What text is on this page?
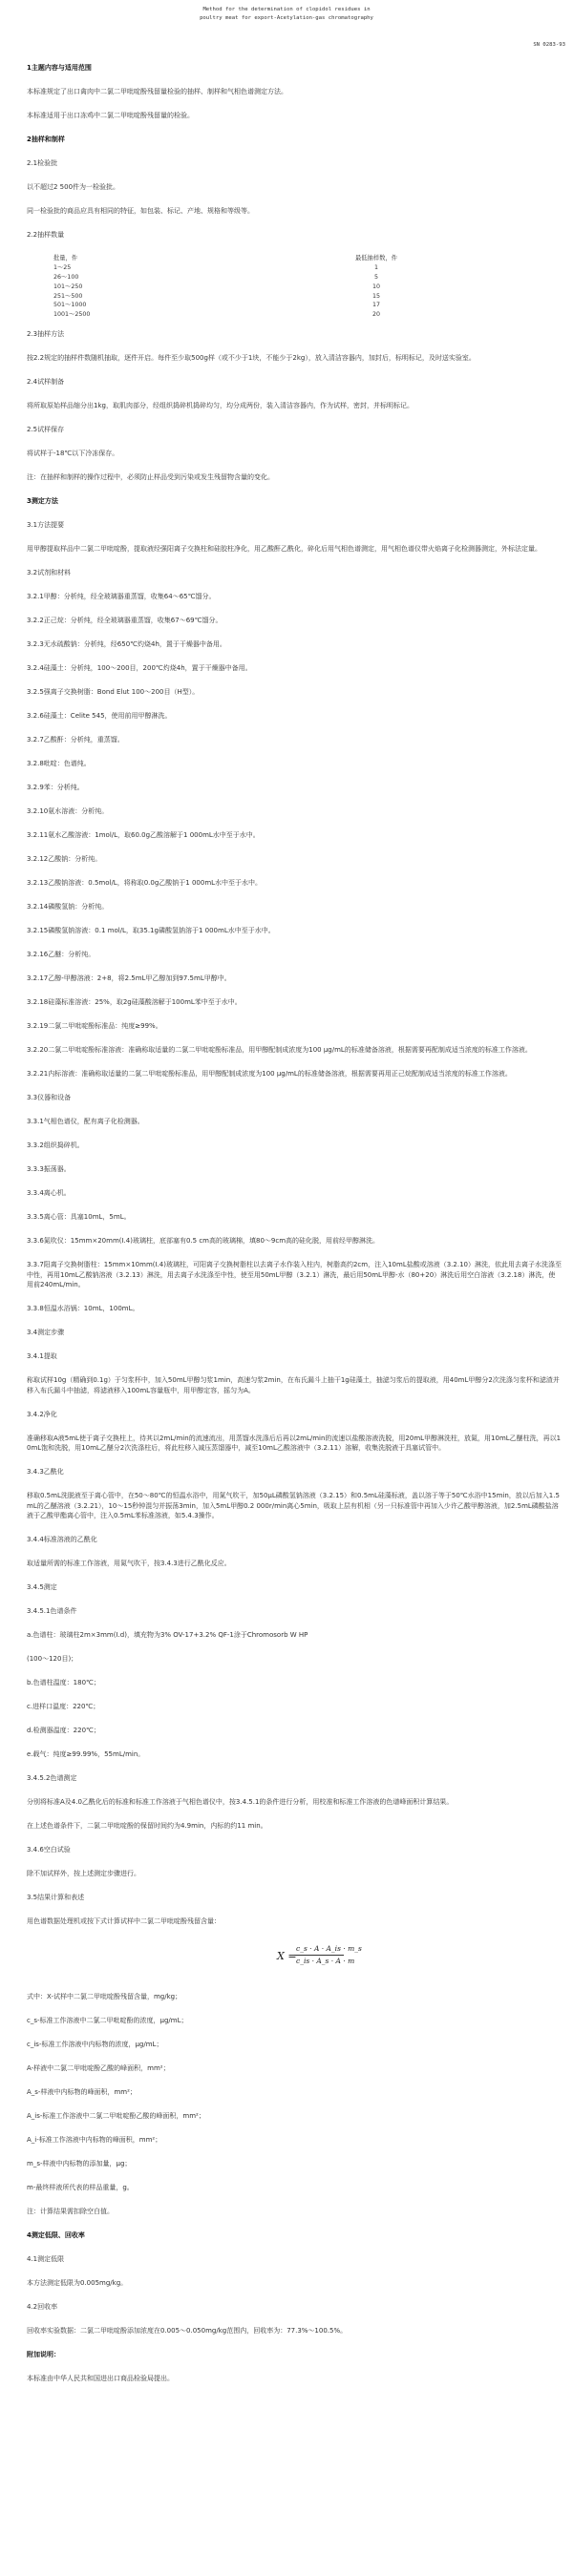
Method for the determination of clopidol residues in
poultry meat for export-Acetylation-gas chromatography
SN 0283-93
1主题内容与适用范围
本标准规定了出口禽肉中二氯二甲吡啶酚残留量检验的抽样、制样和气相色谱测定方法。
本标准适用于出口冻鸡中二氯二甲吡啶酚残留量的检验。
2抽样和制样
2.1检验批
以不超过2 500件为一检验批。
同一检验批的商品应具有相同的特征，如包装、标记、产地、规格和等级等。
2.2抽样数量
批量，件	最低抽样数，件
1～25	1
26～100	5
101～250	10
251～500	15
501～1000	17
1001～2500	20
2.3抽样方法
按2.2规定的抽样件数随机抽取，逐件开启。每件至少取500g样（或不少于1块，不能少于2kg），放入清洁容器内，加封后，标明标记，及时送实验室。
2.4试样制备
将所取原始样品缩分出1kg，取肌肉部分，经组织捣碎机捣碎均匀，均分成两份，装入清洁容器内，作为试样，密封，并标明标记。
2.5试样保存
将试样于-18℃以下冷冻保存。
注：在抽样和制样的操作过程中，必须防止样品受到污染或发生残留物含量的变化。
3测定方法
3.1方法提要
用甲醇提取样品中二氯二甲吡啶酚，提取液经强阳离子交换柱和硅胶柱净化，用乙酸酐乙酰化，碎化后用气相色谱测定，用气相色谱仪带火焰离子化检测器测定，外标法定量。
3.2试剂和材料
3.2.1甲醇：分析纯，经全玻璃器重蒸馏，收集64～65℃馏分。
3.2.2正己烷：分析纯，经全玻璃器重蒸馏，收集67～69℃馏分。
3.2.3无水硫酸钠：分析纯，经650℃灼烧4h，置于干燥器中备用。
3.2.4硅藻土：分析纯，100～200目，200℃灼烧4h，置于干燥器中备用。
3.2.5强离子交换树脂：Bond Elut 100～200目（H型）。
3.2.6硅藻土：Celite 545，使用前用甲醇淋洗。
3.2.7乙酸酐：分析纯，重蒸馏。
3.2.8吡啶：色谱纯。
3.2.9苯：分析纯。
3.2.10氨水溶液：分析纯。
3.2.11氨水乙酸溶液：1mol/L，取60.0g乙酸溶解于1 000mL水中至于水中。
3.2.12乙酸钠：分析纯。
3.2.13乙酸钠溶液：0.5mol/L，将称取0.0g乙酸钠于1 000mL水中至于水中。
3.2.14磷酸氢钠：分析纯。
3.2.15磷酸氢钠溶液：0.1 mol/L，取35.1g磷酸氢钠溶于1 000mL水中至于水中。
3.2.16乙醚：分析纯。
3.2.17乙醇-甲醇溶液：2+8，将2.5mL甲乙醇加到97.5mL甲醇中。
3.2.18硅藻标准溶液：25%，取2g硅藻酸溶解于100mL苯中至于水中。
3.2.19二氯二甲吡啶酚标准品：纯度≥99%。
3.2.20二氯二甲吡啶酚标准溶液：准确称取适量的二氯二甲吡啶酚标准品，用甲醇配制成浓度为100 μg/mL的标准储备溶液，根据需要再配制成适当浓度的标准工作溶液。
3.2.21内标溶液：准确称取适量的二氯二甲吡啶酚标准品，用甲醇配制成浓度为100 μg/mL的标准储备溶液，根据需要再用正己烷配制成适当浓度的标准工作溶液。
3.3仪器和设备
3.3.1气相色谱仪，配有离子化检测器。
3.3.2组织捣碎机。
3.3.3振荡器。
3.3.4离心机。
3.3.5离心管：具塞10mL，5mL。
3.3.6氮吹仪：15mm×20mm(I.4)玻璃柱，底部塞有0.5 cm高的玻璃棉，填80～9cm高的硅化脱，用前经甲醇淋洗。
3.3.7阳离子交换树脂柱：15mm×10mm(I.4)玻璃柱，可阳离子交换树脂柱以去离子水作装入柱内，树脂高约2cm，注入10mL盐酸或溶液（3.2.10）淋洗，依此用去离子水洗涤至中性，再用10mL乙酸钠溶液（3.2.13）淋洗，用去离子水洗涤至中性，使至用50mL甲醇（3.2.1）淋洗，最后用50mL甲醇-水（80+20）淋洗后用空白溶液（3.2.18）淋洗，使用前240mL/min。
3.3.8恒温水浴锅：10mL，100mL。
3.4测定步骤
3.4.1提取
称取试样10g（精确到0.1g）于匀浆杯中，加入50mL甲醇匀浆1min，高速匀浆2min，在布氏漏斗上抽干1g硅藻土，抽滤匀浆后的提取液，用40mL甲醇分2次洗涤匀浆杯和滤渣并移入布氏漏斗中抽滤，将滤液移入100mL容量瓶中，用甲醇定容，摇匀为A。
3.4.2净化
准确移取A液5mL使于离子交换柱上，待其以2mL/min的流速流出，用蒸馏水洗涤后后再以2mL/min的流速以盐酸溶液洗脱，用20mL甲醇淋洗柱，放氮，用10mL乙醚柱洗，再以10mL饱和洗脱，用10mL乙醚分2次洗涤柱后，将此柱移入减压蒸馏器中，减至10mL乙酸溶液中（3.2.11）溶解，收集洗脱液于具塞试管中。
3.4.3乙酰化
移取0.5mL洗脱液至于离心管中，在50～80℃的恒温水浴中，用氮气吹干，加50μL磷酸氢钠溶液（3.2.15）和0.5mL硅藻标液，盖以溶于等于50℃水浴中15min，放以后加入1.5mL的乙醚溶液（3.2.21），10～15秒钟混匀并振荡3min，加入5mL甲醇0.2 000r/min离心5min，吸取上层有机相（另一只标准管中再加入少许乙酸甲醇溶液，加2.5mL磷酸盐溶液于乙酸甲酯离心管中，注入0.5mL苯标准溶液，如5.4.3操作。
3.4.4标准溶液的乙酰化
取适量所需的标准工作溶液，用氮气吹干，按3.4.3进行乙酰化反应。
3.4.5测定
3.4.5.1色谱条件
a.色谱柱：玻璃柱2m×3mm(I.d)，填充物为3% OV-17+3.2% QF-1涂于Chromosorb W HP
(100～120目)；
b.色谱柱温度：180℃；
c.进样口温度：220℃；
d.检测器温度：220℃；
e.载气：纯度≥99.99%，55mL/min。
3.4.5.2色谱测定
分别将标准A及4.0乙酰化后的标准和标准工作溶液于气相色谱仪中，按3.4.5.1的条件进行分析，用校准和标准工作溶液的色谱峰面积计算结果。
在上述色谱条件下，二氯二甲吡啶酚的保留时间约为4.9min，内标的约11 min。
3.4.6空白试验
除不加试样外，按上述测定步骤进行。
3.5结果计算和表述
用色谱数据处理机或按下式计算试样中二氯二甲吡啶酚残留含量：
X =
c_s · A · A_is · m_s
c_is · A_s · A · m
式中：X-试样中二氯二甲吡啶酚残留含量，mg/kg；
c_s-标准工作溶液中二氯二甲吡啶酚的浓度，μg/mL；
c_is-标准工作溶液中内标物的浓度，μg/mL；
A-样液中二氯二甲吡啶酚乙酸的峰面积，mm²；
A_s-样液中内标物的峰面积，mm²；
A_is-标准工作溶液中二氯二甲吡啶酚乙酸的峰面积，mm²；
A_i-标准工作溶液中内标物的峰面积，mm²；
m_s-样液中内标物的添加量，μg；
m-最终样液所代表的样品重量，g。
注：计算结果需扣除空白值。
4测定低限、回收率
4.1测定低限
本方法测定低限为0.005mg/kg。
4.2回收率
回收率实验数据：二氯二甲吡啶酚添加浓度在0.005～0.050mg/kg范围内，回收率为：77.3%～100.5%。
附加说明：
本标准由中华人民共和国进出口商品检验局提出。
